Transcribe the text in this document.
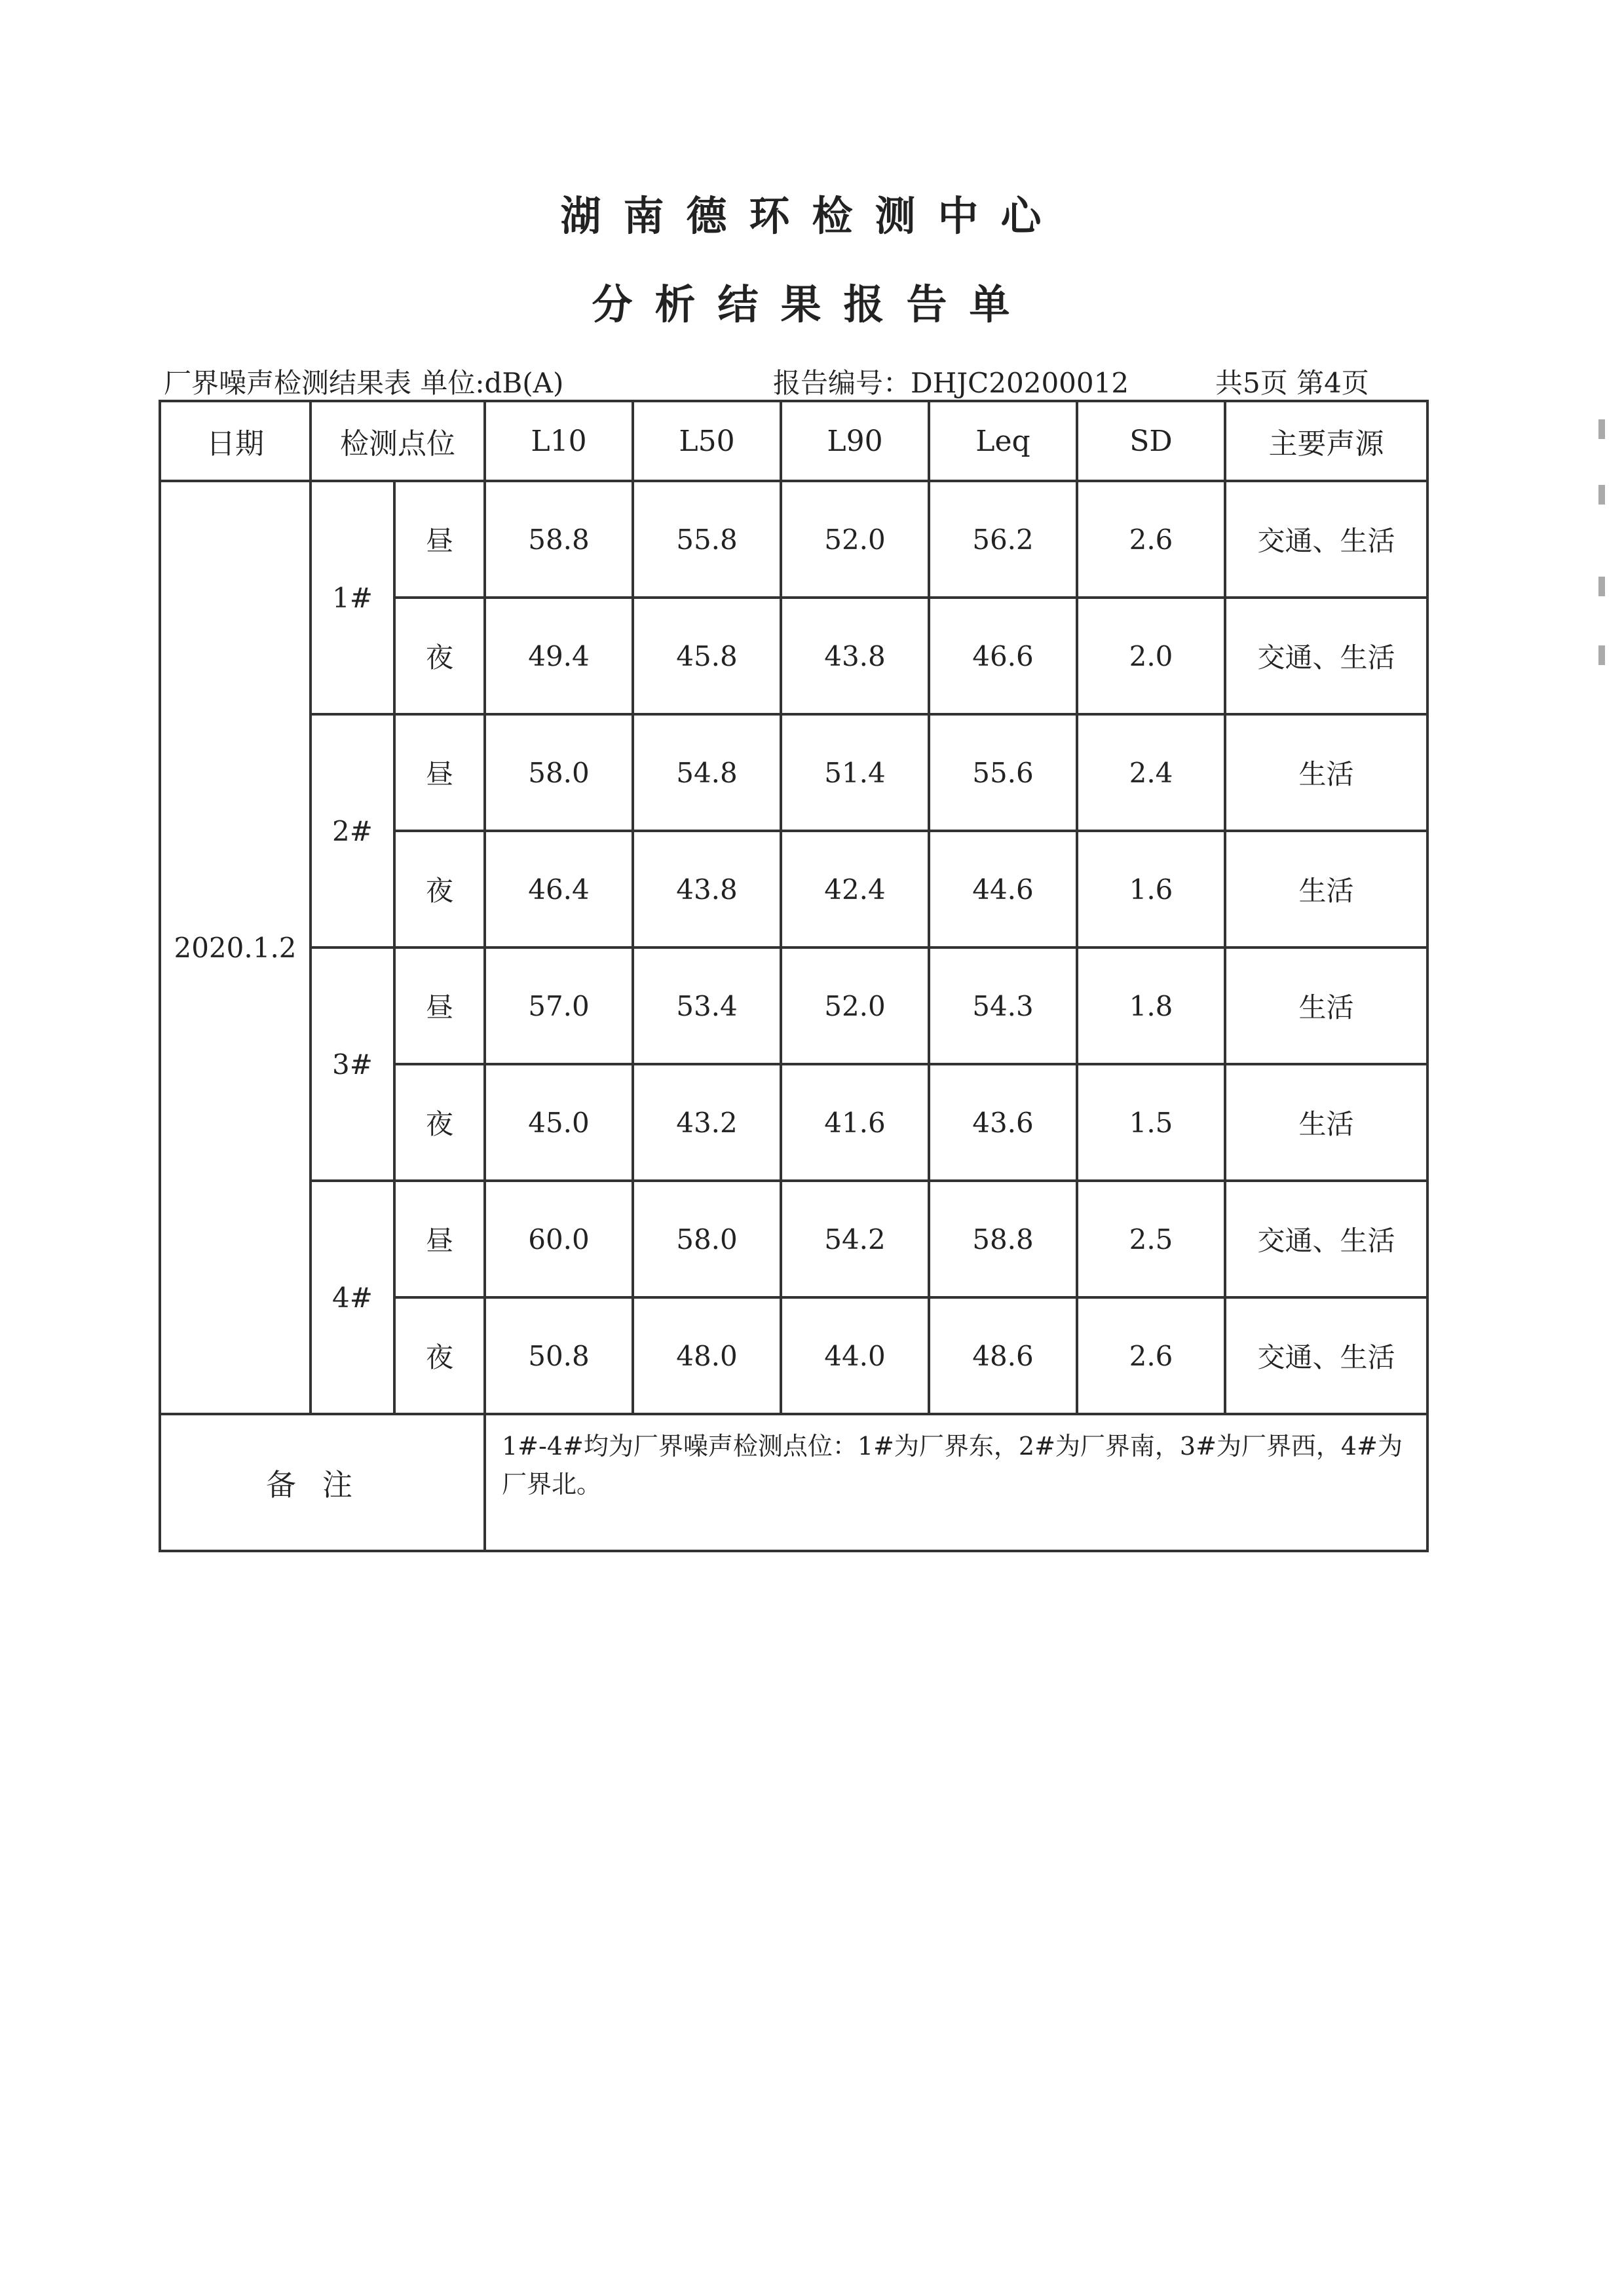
湖南德环检测中心
分析结果报告单
厂界噪声检测结果表 单位:dB(A)	报告编号：DHJC20200012	共5页 第4页
日期	检测点位		L10	L50	L90	Leq	SD	主要声源
2020.1.2	1#	昼	58.8	55.8	52.0	56.2	2.6	交通、生活
		夜	49.4	45.8	43.8	46.6	2.0	交通、生活
	2#	昼	58.0	54.8	51.4	55.6	2.4	生活
		夜	46.4	43.8	42.4	44.6	1.6	生活
	3#	昼	57.0	53.4	52.0	54.3	1.8	生活
		夜	45.0	43.2	41.6	43.6	1.5	生活
	4#	昼	60.0	58.0	54.2	58.8	2.5	交通、生活
		夜	50.8	48.0	44.0	48.6	2.6	交通、生活
备注			1#-4#均为厂界噪声检测点位：1#为厂界东，2#为厂界南，3#为厂界西，4#为厂界北。					
